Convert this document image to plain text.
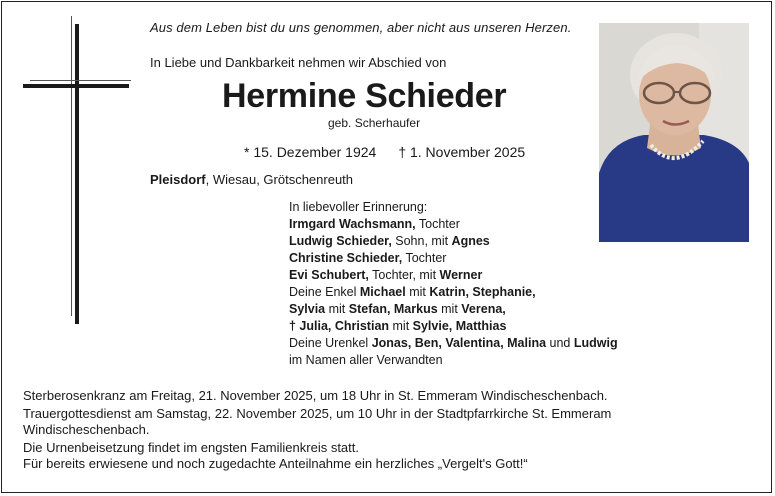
Aus dem Leben bist du uns genommen, aber nicht aus unseren Herzen.
In Liebe und Dankbarkeit nehmen wir Abschied von
Hermine Schieder
geb. Scherhaufer
* 15. Dezember 1924 † 1. November 2025
Pleisdorf, Wiesau, Grötschenreuth
In liebevoller Erinnerung:
Irmgard Wachsmann, Tochter
Ludwig Schieder, Sohn, mit Agnes
Christine Schieder, Tochter
Evi Schubert, Tochter, mit Werner
Deine Enkel Michael mit Katrin, Stephanie,
Sylvia mit Stefan, Markus mit Verena,
† Julia, Christian mit Sylvie, Matthias
Deine Urenkel Jonas, Ben, Valentina, Malina und Ludwig
im Namen aller Verwandten
Sterberosenkranz am Freitag, 21. November 2025, um 18 Uhr in St. Emmeram Windischeschenbach.
Trauergottesdienst am Samstag, 22. November 2025, um 10 Uhr in der Stadtpfarrkirche St. Emmeram
Windischeschenbach.
Die Urnenbeisetzung findet im engsten Familienkreis statt.
Für bereits erwiesene und noch zugedachte Anteilnahme ein herzliches „Vergelt's Gott!“
